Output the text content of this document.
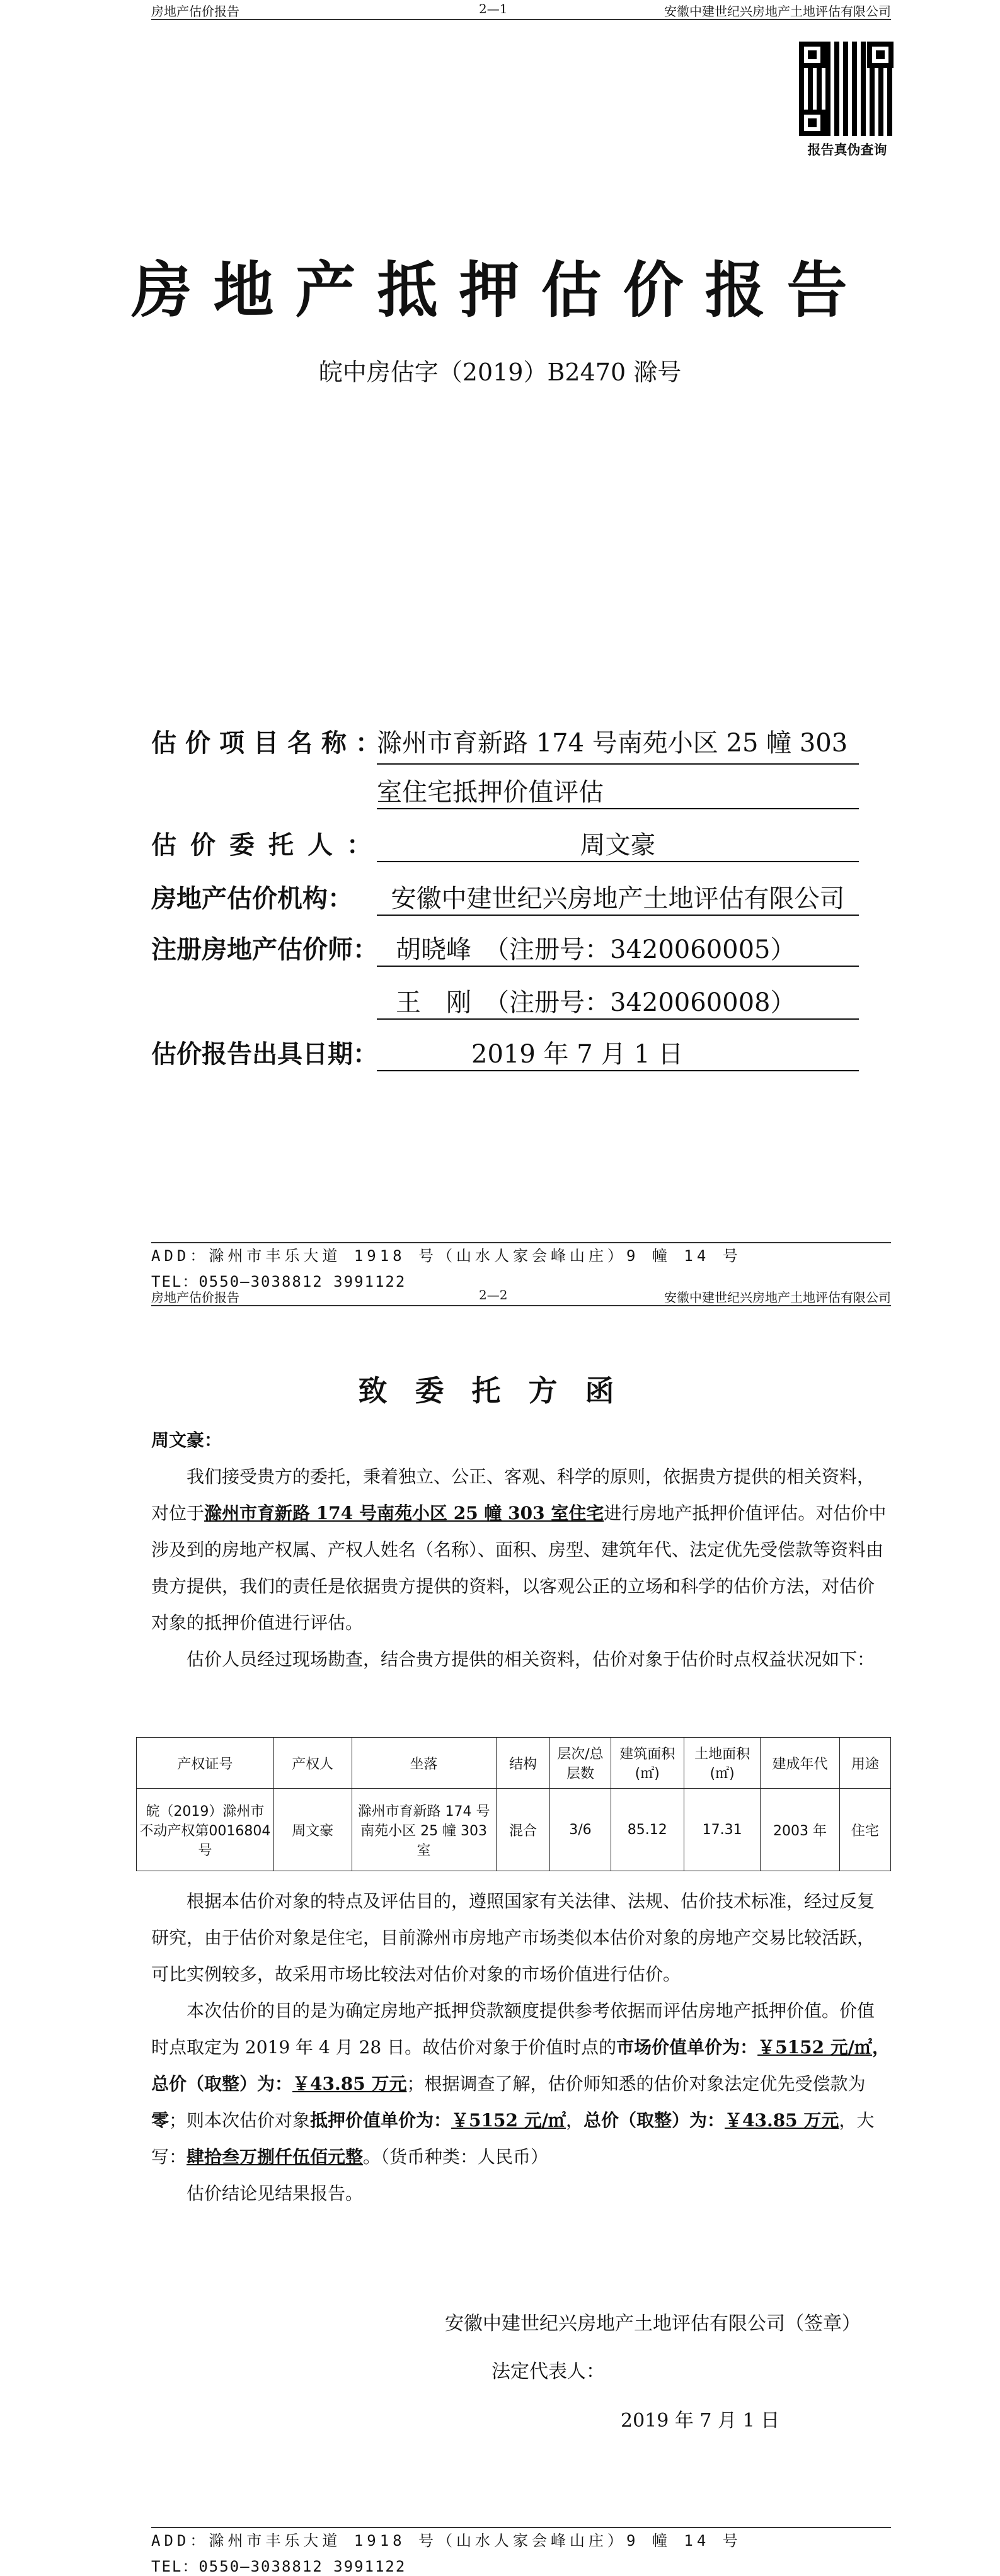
房地产估价报告	2—1	安徽中建世纪兴房地产土地评估有限公司
报告真伪查询
房地产抵押估价报告
皖中房估字（2019）B2470 滁号
估价项目名称：
滁州市育新路 174 号南苑小区 25 幢 303
室住宅抵押价值评估
估价委托人：	周文豪
房地产估价机构：	安徽中建世纪兴房地产土地评估有限公司
注册房地产估价师： 胡晓峰　（注册号：3420060005）
王　刚　（注册号：3420060008）
估价报告出具日期：	2019 年 7 月 1 日
ADD：滁州市丰乐大道 1918 号（山水人家会峰山庄）9 幢 14 号
TEL：0550—3038812 3991122
房地产估价报告	2—2	安徽中建世纪兴房地产土地评估有限公司
致委托方函
周文豪：

我们接受贵方的委托，秉着独立、公正、客观、科学的原则，依据贵方提供的相关资料，对位于滁州市育新路 174 号南苑小区 25 幢 303 室住宅进行房地产抵押价值评估。对估价中涉及到的房地产权属、产权人姓名（名称）、面积、房型、建筑年代、法定优先受偿款等资料由贵方提供，我们的责任是依据贵方提供的资料，以客观公正的立场和科学的估价方法，对估价对象的抵押价值进行评估。

估价人员经过现场勘查，结合贵方提供的相关资料，估价对象于估价时点权益状况如下：

产权证号	产权人	坐落	结构	层次/总层数	建筑面积(㎡)	土地面积(㎡)	建成年代	用途
皖（2019）滁州市不动产权第0016804号	周文豪	滁州市育新路 174 号南苑小区 25 幢 303 室	混合	3/6	85.12	17.31	2003 年	住宅

根据本估价对象的特点及评估目的，遵照国家有关法律、法规、估价技术标准，经过反复研究，由于估价对象是住宅，目前滁州市房地产市场类似本估价对象的房地产交易比较活跃，可比实例较多，故采用市场比较法对估价对象的市场价值进行估价。

本次估价的目的是为确定房地产抵押贷款额度提供参考依据而评估房地产抵押价值。价值时点取定为 2019 年 4 月 28 日。故估价对象于价值时点的市场价值单价为：￥5152 元/㎡，总价（取整）为：￥43.85 万元；根据调查了解，估价师知悉的估价对象法定优先受偿款为零；则本次估价对象抵押价值单价为：￥5152 元/㎡，总价（取整）为：￥43.85 万元，大写：肆拾叁万捌仟伍佰元整。（货币种类：人民币）

估价结论见结果报告。

安徽中建世纪兴房地产土地评估有限公司（签章）
法定代表人：
2019 年 7 月 1 日
ADD：滁州市丰乐大道 1918 号（山水人家会峰山庄）9 幢 14 号
TEL：0550—3038812 3991122
